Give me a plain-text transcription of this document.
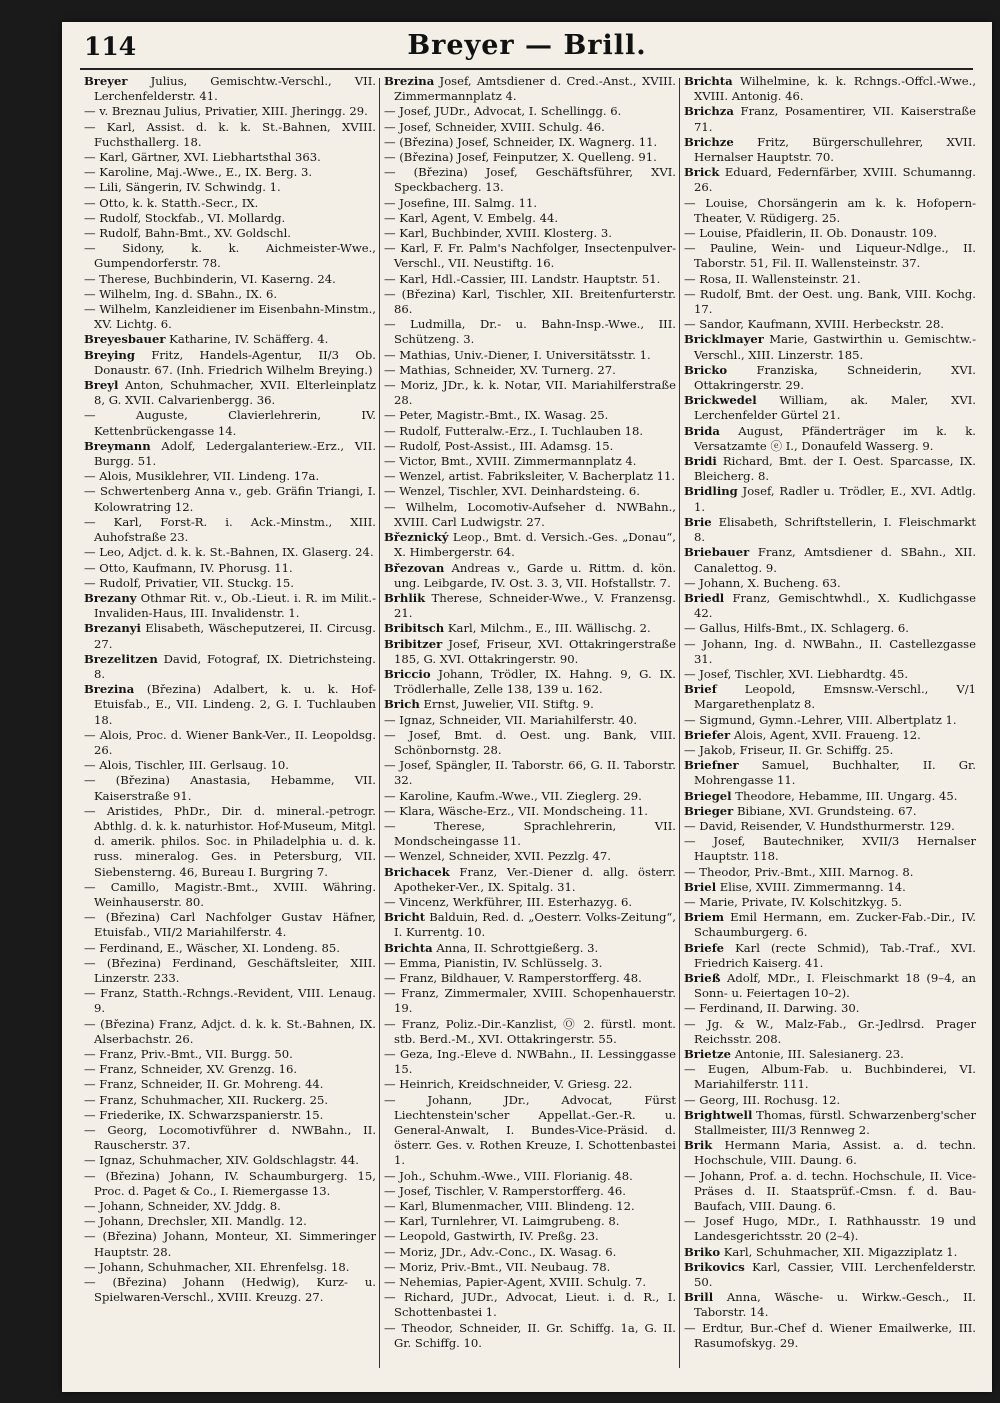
114	Breyer — Brill.

Breyer Julius, Gemischtw.-Verschl., VII. Lerchenfelderstr. 41.

— v. Breznau Julius, Privatier, XIII. Jheringg. 29.

— Karl, Assist. d. k. k. St.-Bahnen, XVIII. Fuchsthallerg. 18.

— Karl, Gärtner, XVI. Liebhartsthal 363.

— Karoline, Maj.-Wwe., E., IX. Berg. 3.

— Lili, Sängerin, IV. Schwindg. 1.

— Otto, k. k. Statth.-Secr., IX.

— Rudolf, Stockfab., VI. Mollardg.

— Rudolf, Bahn-Bmt., XV. Goldschl.

— Sidony, k. k. Aichmeister-Wwe., Gumpendorferstr. 78.

— Therese, Buchbinderin, VI. Kaserng. 24.

— Wilhelm, Ing. d. SBahn., IX. 6.

— Wilhelm, Kanzleidiener im Eisenbahn-Minstm., XV. Lichtg. 6.

Breyesbauer Katharine, IV. Schäfferg. 4.

Breying Fritz, Handels-Agentur, II/3 Ob. Donaustr. 67. (Inh. Friedrich Wilhelm Breying.)

Breyl Anton, Schuhmacher, XVII. Elterleinplatz 8, G. XVII. Calvarienbergg. 36.

— Auguste, Clavierlehrerin, IV. Kettenbrückengasse 14.

Breymann Adolf, Ledergalanteriew.-Erz., VII. Burgg. 51.

— Alois, Musiklehrer, VII. Lindeng. 17a.

— Schwertenberg Anna v., geb. Gräfin Triangi, I. Kolowratring 12.

— Karl, Forst-R. i. Ack.-Minstm., XIII. Auhofstraße 23.

— Leo, Adjct. d. k. k. St.-Bahnen, IX. Glaserg. 24.

— Otto, Kaufmann, IV. Phorusg. 11.

— Rudolf, Privatier, VII. Stuckg. 15.

Brezany Othmar Rit. v., Ob.-Lieut. i. R. im Milit.-Invaliden-Haus, III. Invalidenstr. 1.

Brezanyi Elisabeth, Wäscheputzerei, II. Circusg. 27.

Brezelitzen David, Fotograf, IX. Dietrichsteing. 8.

Brezina (Březina) Adalbert, k. u. k. Hof-Etuisfab., E., VII. Lindeng. 2, G. I. Tuchlauben 18.

— Alois, Proc. d. Wiener Bank-Ver., II. Leopoldsg. 26.

— Alois, Tischler, III. Gerlsaug. 10.

— (Březina) Anastasia, Hebamme, VII. Kaiserstraße 91.

— Aristides, PhDr., Dir. d. mineral.-petrogr. Abthlg. d. k. k. naturhistor. Hof-Museum, Mitgl. d. amerik. philos. Soc. in Philadelphia u. d. k. russ. mineralog. Ges. in Petersburg, VII. Siebensterng. 46, Bureau I. Burgring 7.

— Camillo, Magistr.-Bmt., XVIII. Währing. Weinhauserstr. 80.

— (Březina) Carl Nachfolger Gustav Häfner, Etuisfab., VII/2 Mariahilferstr. 4.

— Ferdinand, E., Wäscher, XI. Londeng. 85.

— (Březina) Ferdinand, Geschäftsleiter, XIII. Linzerstr. 233.

— Franz, Statth.-Rchngs.-Revident, VIII. Lenaug. 9.

— (Březina) Franz, Adjct. d. k. k. St.-Bahnen, IX. Alserbachstr. 26.

— Franz, Priv.-Bmt., VII. Burgg. 50.

— Franz, Schneider, XV. Grenzg. 16.

— Franz, Schneider, II. Gr. Mohreng. 44.

— Franz, Schuhmacher, XII. Ruckerg. 25.

— Friederike, IX. Schwarzspanierstr. 15.

— Georg, Locomotivführer d. NWBahn., II. Rauscherstr. 37.

— Ignaz, Schuhmacher, XIV. Goldschlagstr. 44.

— (Březina) Johann, IV. Schaumburgerg. 15, Proc. d. Paget & Co., I. Riemergasse 13.

— Johann, Schneider, XV. Jddg. 8.

— Johann, Drechsler, XII. Mandlg. 12.

— (Březina) Johann, Monteur, XI. Simmeringer Hauptstr. 28.

— Johann, Schuhmacher, XII. Ehrenfelsg. 18.

— (Březina) Johann (Hedwig), Kurz- u. Spielwaren-Verschl., XVIII. Kreuzg. 27.

Brezina Josef, Amtsdiener d. Cred.-Anst., XVIII. Zimmermannplatz 4.

— Josef, JUDr., Advocat, I. Schellingg. 6.

— Josef, Schneider, XVIII. Schulg. 46.

— (Březina) Josef, Schneider, IX. Wagnerg. 11.

— (Březina) Josef, Feinputzer, X. Quelleng. 91.

— (Březina) Josef, Geschäftsführer, XVI. Speckbacherg. 13.

— Josefine, III. Salmg. 11.

— Karl, Agent, V. Embelg. 44.

— Karl, Buchbinder, XVIII. Klosterg. 3.

— Karl, F. Fr. Palm's Nachfolger, Insectenpulver-Verschl., VII. Neustiftg. 16.

— Karl, Hdl.-Cassier, III. Landstr. Hauptstr. 51.

— (Březina) Karl, Tischler, XII. Breitenfurterstr. 86.

— Ludmilla, Dr.- u. Bahn-Insp.-Wwe., III. Schützeng. 3.

— Mathias, Univ.-Diener, I. Universitätsstr. 1.

— Mathias, Schneider, XV. Turnerg. 27.

— Moriz, JDr., k. k. Notar, VII. Mariahilferstraße 28.

— Peter, Magistr.-Bmt., IX. Wasag. 25.

— Rudolf, Futteralw.-Erz., I. Tuchlauben 18.

— Rudolf, Post-Assist., III. Adamsg. 15.

— Victor, Bmt., XVIII. Zimmermannplatz 4.

— Wenzel, artist. Fabriksleiter, V. Bacherplatz 11.

— Wenzel, Tischler, XVI. Deinhardsteing. 6.

— Wilhelm, Locomotiv-Aufseher d. NWBahn., XVIII. Carl Ludwigstr. 27.

Březnický Leop., Bmt. d. Versich.-Ges. „Donau“, X. Himbergerstr. 64.

Březovan Andreas v., Garde u. Rittm. d. kön. ung. Leibgarde, IV. Ost. 3. 3, VII. Hofstallstr. 7.

Brhlik Therese, Schneider-Wwe., V. Franzensg. 21.

Bribitsch Karl, Milchm., E., III. Wällischg. 2.

Bribitzer Josef, Friseur, XVI. Ottakringerstraße 185, G. XVI. Ottakringerstr. 90.

Briccio Johann, Trödler, IX. Hahng. 9, G. IX. Trödlerhalle, Zelle 138, 139 u. 162.

Brich Ernst, Juwelier, VII. Stiftg. 9.

— Ignaz, Schneider, VII. Mariahilferstr. 40.

— Josef, Bmt. d. Oest. ung. Bank, VIII. Schönbornstg. 28.

— Josef, Spängler, II. Taborstr. 66, G. II. Taborstr. 32.

— Karoline, Kaufm.-Wwe., VII. Zieglerg. 29.

— Klara, Wäsche-Erz., VII. Mondscheing. 11.

— Therese, Sprachlehrerin, VII. Mondscheingasse 11.

— Wenzel, Schneider, XVII. Pezzlg. 47.

Brichacek Franz, Ver.-Diener d. allg. österr. Apotheker-Ver., IX. Spitalg. 31.

— Vincenz, Werkführer, III. Esterhazyg. 6.

Bricht Balduin, Red. d. „Oesterr. Volks-Zeitung“, I. Kurrentg. 10.

Brichta Anna, II. Schrottgießerg. 3.

— Emma, Pianistin, IV. Schlüsselg. 3.

— Franz, Bildhauer, V. Ramperstorfferg. 48.

— Franz, Zimmermaler, XVIII. Schopenhauerstr. 19.

— Franz, Poliz.-Dir.-Kanzlist, Ⓞ 2. fürstl. mont. stb. Berd.-M., XVI. Ottakringerstr. 55.

— Geza, Ing.-Eleve d. NWBahn., II. Lessinggasse 15.

— Heinrich, Kreidschneider, V. Griesg. 22.

— Johann, JDr., Advocat, Fürst Liechtenstein'scher Appellat.-Ger.-R. u. General-Anwalt, I. Bundes-Vice-Präsid. d. österr. Ges. v. Rothen Kreuze, I. Schottenbastei 1.

— Joh., Schuhm.-Wwe., VIII. Florianig. 48.

— Josef, Tischler, V. Ramperstorfferg. 46.

— Karl, Blumenmacher, VIII. Blindeng. 12.

— Karl, Turnlehrer, VI. Laimgrubeng. 8.

— Leopold, Gastwirth, IV. Preßg. 23.

— Moriz, JDr., Adv.-Conc., IX. Wasag. 6.

— Moriz, Priv.-Bmt., VII. Neubaug. 78.

— Nehemias, Papier-Agent, XVIII. Schulg. 7.

— Richard, JUDr., Advocat, Lieut. i. d. R., I. Schottenbastei 1.

— Theodor, Schneider, II. Gr. Schiffg. 1a, G. II. Gr. Schiffg. 10.

Brichta Wilhelmine, k. k. Rchngs.-Offcl.-Wwe., XVIII. Antonig. 46.

Brichza Franz, Posamentirer, VII. Kaiserstraße 71.

Brichze Fritz, Bürgerschullehrer, XVII. Hernalser Hauptstr. 70.

Brick Eduard, Federnfärber, XVIII. Schumanng. 26.

— Louise, Chorsängerin am k. k. Hofopern-Theater, V. Rüdigerg. 25.

— Louise, Pfaidlerin, II. Ob. Donaustr. 109.

— Pauline, Wein- und Liqueur-Ndlge., II. Taborstr. 51, Fil. II. Wallensteinstr. 37.

— Rosa, II. Wallensteinstr. 21.

— Rudolf, Bmt. der Oest. ung. Bank, VIII. Kochg. 17.

— Sandor, Kaufmann, XVIII. Herbeckstr. 28.

Bricklmayer Marie, Gastwirthin u. Gemischtw.-Verschl., XIII. Linzerstr. 185.

Bricko Franziska, Schneiderin, XVI. Ottakringerstr. 29.

Brickwedel William, ak. Maler, XVI. Lerchenfelder Gürtel 21.

Brida August, Pfänderträger im k. k. Versatzamte ⓔ I., Donaufeld Wasserg. 9.

Bridi Richard, Bmt. der I. Oest. Sparcasse, IX. Bleicherg. 8.

Bridling Josef, Radler u. Trödler, E., XVI. Adtlg. 1.

Brie Elisabeth, Schriftstellerin, I. Fleischmarkt 8.

Briebauer Franz, Amtsdiener d. SBahn., XII. Canalettog. 9.

— Johann, X. Bucheng. 63.

Briedl Franz, Gemischtwhdl., X. Kudlichgasse 42.

— Gallus, Hilfs-Bmt., IX. Schlagerg. 6.

— Johann, Ing. d. NWBahn., II. Castellezgasse 31.

— Josef, Tischler, XVI. Liebhardtg. 45.

Brief Leopold, Emsnsw.-Verschl., V/1 Margarethenplatz 8.

— Sigmund, Gymn.-Lehrer, VIII. Albertplatz 1.

Briefer Alois, Agent, XVII. Fraueng. 12.

— Jakob, Friseur, II. Gr. Schiffg. 25.

Briefner Samuel, Buchhalter, II. Gr. Mohrengasse 11.

Briegel Theodore, Hebamme, III. Ungarg. 45.

Brieger Bibiane, XVI. Grundsteing. 67.

— David, Reisender, V. Hundsthurmerstr. 129.

— Josef, Bautechniker, XVII/3 Hernalser Hauptstr. 118.

— Theodor, Priv.-Bmt., XIII. Marnog. 8.

Briel Elise, XVIII. Zimmermanng. 14.

— Marie, Private, IV. Kolschitzkyg. 5.

Briem Emil Hermann, em. Zucker-Fab.-Dir., IV. Schaumburgerg. 6.

Briefe Karl (recte Schmid), Tab.-Traf., XVI. Friedrich Kaiserg. 41.

Brieß Adolf, MDr., I. Fleischmarkt 18 (9–4, an Sonn- u. Feiertagen 10–2).

— Ferdinand, II. Darwing. 30.

— Jg. & W., Malz-Fab., Gr.-Jedlrsd. Prager Reichsstr. 208.

Brietze Antonie, III. Salesianerg. 23.

— Eugen, Album-Fab. u. Buchbinderei, VI. Mariahilferstr. 111.

— Georg, III. Rochusg. 12.

Brightwell Thomas, fürstl. Schwarzenberg'scher Stallmeister, III/3 Rennweg 2.

Brik Hermann Maria, Assist. a. d. techn. Hochschule, VIII. Daung. 6.

— Johann, Prof. a. d. techn. Hochschule, II. Vice-Präses d. II. Staatsprüf.-Cmsn. f. d. Bau-Baufach, VIII. Daung. 6.

— Josef Hugo, MDr., I. Rathhausstr. 19 und Landesgerichtsstr. 20 (2–4).

Briko Karl, Schuhmacher, XII. Migazziplatz 1.

Brikovics Karl, Cassier, VIII. Lerchenfelderstr. 50.

Brill Anna, Wäsche- u. Wirkw.-Gesch., II. Taborstr. 14.

— Erdtur, Bur.-Chef d. Wiener Emailwerke, III. Rasumofskyg. 29.
